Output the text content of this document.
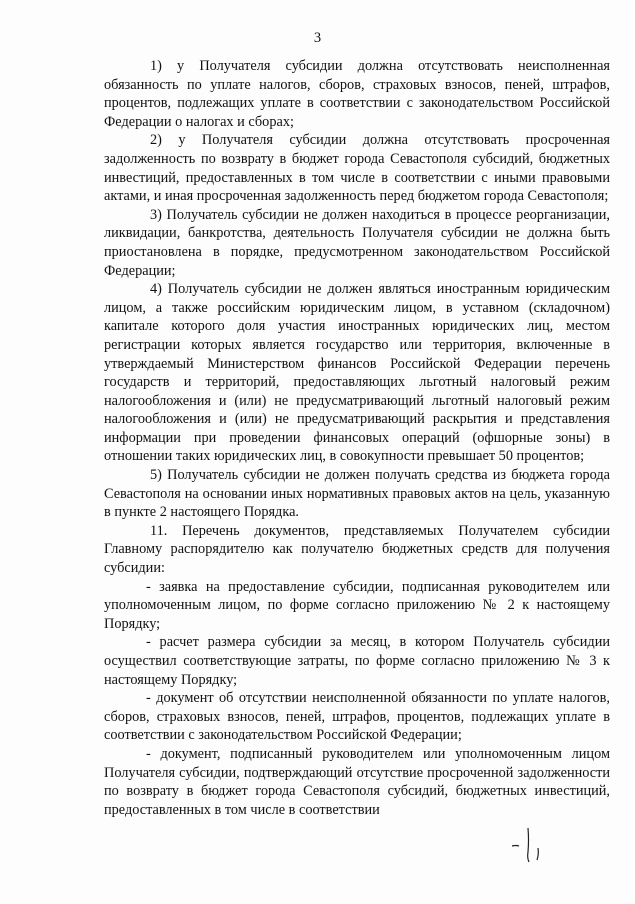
3

1) у Получателя субсидии должна отсутствовать неисполненная обязанность по уплате налогов, сборов, страховых взносов, пеней, штрафов, процентов, подлежащих уплате в соответствии с законодательством Российской Федерации о налогах и сборах;

2) у Получателя субсидии должна отсутствовать просроченная задолженность по возврату в бюджет города Севастополя субсидий, бюджетных инвестиций, предоставленных в том числе в соответствии с иными правовыми актами, и иная просроченная задолженность перед бюджетом города Севастополя;

3) Получатель субсидии не должен находиться в процессе реорганизации, ликвидации, банкротства, деятельность Получателя субсидии не должна быть приостановлена в порядке, предусмотренном законодательством Российской Федерации;

4) Получатель субсидии не должен являться иностранным юридическим лицом, а также российским юридическим лицом, в уставном (складочном) капитале которого доля участия иностранных юридических лиц, местом регистрации которых является государство или территория, включенные в утверждаемый Министерством финансов Российской Федерации перечень государств и территорий, предоставляющих льготный налоговый режим налогообложения и (или) не предусматривающий льготный налоговый режим налогообложения и (или) не предусматривающий раскрытия и представления информации при проведении финансовых операций (офшорные зоны) в отношении таких юридических лиц, в совокупности превышает 50 процентов;

5) Получатель субсидии не должен получать средства из бюджета города Севастополя на основании иных нормативных правовых актов на цель, указанную в пункте 2 настоящего Порядка.

11. Перечень документов, представляемых Получателем субсидии Главному распорядителю как получателю бюджетных средств для получения субсидии:

- заявка на предоставление субсидии, подписанная руководителем или уполномоченным лицом, по форме согласно приложению № 2 к настоящему Порядку;

- расчет размера субсидии за месяц, в котором Получатель субсидии осуществил соответствующие затраты, по форме согласно приложению № 3 к настоящему Порядку;

- документ об отсутствии неисполненной обязанности по уплате налогов, сборов, страховых взносов, пеней, штрафов, процентов, подлежащих уплате в соответствии с законодательством Российской Федерации;

- документ, подписанный руководителем или уполномоченным лицом Получателя субсидии, подтверждающий отсутствие просроченной задолженности по возврату в бюджет города Севастополя субсидий, бюджетных инвестиций, предоставленных в том числе в соответствии
